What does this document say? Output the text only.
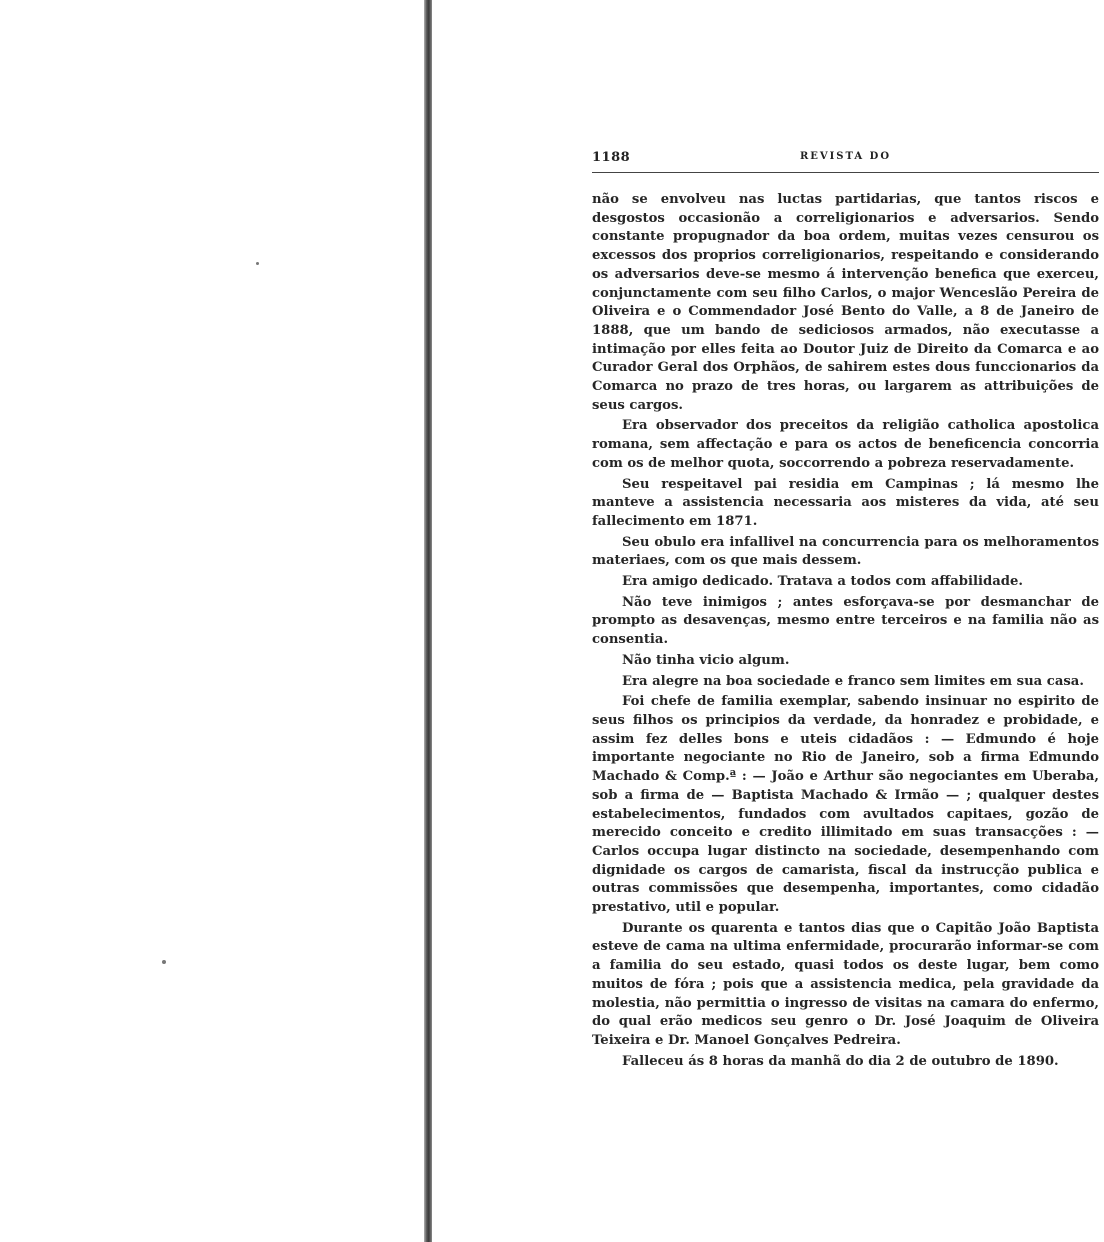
1188	REVISTA DO

não se envolveu nas luctas partidarias, que tantos riscos e desgostos occasionão a correligionarios e adversarios. Sendo constante propugnador da boa ordem, muitas vezes censurou os excessos dos proprios correligionarios, respeitando e considerando os adversarios deve-se mesmo á intervenção benefica que exerceu, conjunctamente com seu filho Carlos, o major Wenceslão Pereira de Oliveira e o Commendador José Bento do Valle, a 8 de Janeiro de 1888, que um bando de sediciosos armados, não executasse a intimação por elles feita ao Doutor Juiz de Direito da Comarca e ao Curador Geral dos Orphãos, de sahirem estes dous funccionarios da Comarca no prazo de tres horas, ou largarem as attribuições de seus cargos.

Era observador dos preceitos da religião catholica apostolica romana, sem affectação e para os actos de beneficencia concorria com os de melhor quota, soccorrendo a pobreza reservadamente.

Seu respeitavel pai residia em Campinas ; lá mesmo lhe manteve a assistencia necessaria aos misteres da vida, até seu fallecimento em 1871.

Seu obulo era infallivel na concurrencia para os melhoramentos materiaes, com os que mais dessem.

Era amigo dedicado. Tratava a todos com affabilidade.

Não teve inimigos ; antes esforçava-se por desmanchar de prompto as desavenças, mesmo entre terceiros e na familia não as consentia.

Não tinha vicio algum.

Era alegre na boa sociedade e franco sem limites em sua casa.

Foi chefe de familia exemplar, sabendo insinuar no espirito de seus filhos os principios da verdade, da honradez e probidade, e assim fez delles bons e uteis cidadãos : — Edmundo é hoje importante negociante no Rio de Janeiro, sob a firma Edmundo Machado & Comp.ª : — João e Arthur são negociantes em Uberaba, sob a firma de — Baptista Machado & Irmão — ; qualquer destes estabelecimentos, fundados com avultados capitaes, gozão de merecido conceito e credito illimitado em suas transacções : — Carlos occupa lugar distincto na sociedade, desempenhando com dignidade os cargos de camarista, fiscal da instrucção publica e outras commissões que desempenha, importantes, como cidadão prestativo, util e popular.

Durante os quarenta e tantos dias que o Capitão João Baptista esteve de cama na ultima enfermidade, procurarão informar-se com a familia do seu estado, quasi todos os deste lugar, bem como muitos de fóra ; pois que a assistencia medica, pela gravidade da molestia, não permittia o ingresso de visitas na camara do enfermo, do qual erão medicos seu genro o Dr. José Joaquim de Oliveira Teixeira e Dr. Manoel Gonçalves Pedreira.

Falleceu ás 8 horas da manhã do dia 2 de outubro de 1890.
